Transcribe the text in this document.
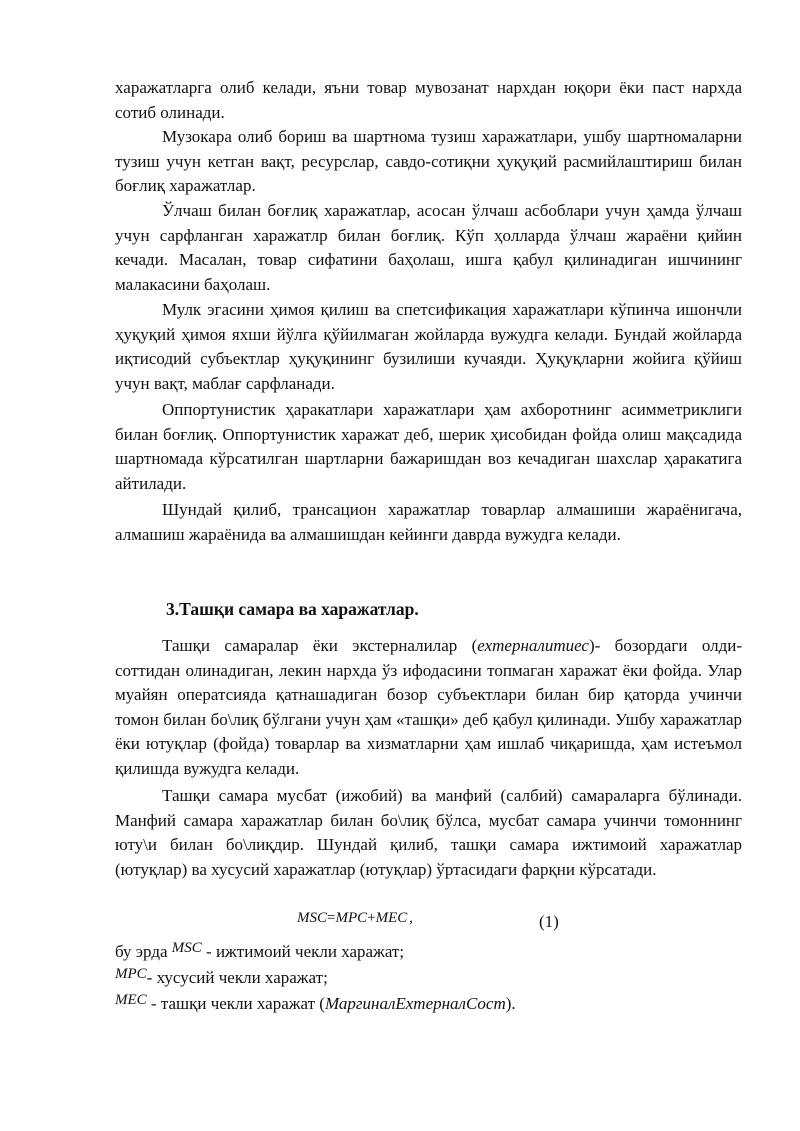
харажатларга олиб келади, яъни товар мувозанат нархдан юқори ёки паст нархда сотиб олинади.

Музокара олиб бориш ва шартнома тузиш харажатлари, ушбу шартномаларни тузиш учун кетган вақт, ресурслар, савдо-сотиқни ҳуқуқий расмийлаштириш билан боғлиқ харажатлар.

Ўлчаш билан боғлиқ харажатлар, асосан ўлчаш асбоблари учун ҳамда ўлчаш учун сарфланган харажатлр билан боғлиқ. Кўп ҳолларда ўлчаш жараёни қийин кечади. Масалан, товар сифатини баҳолаш, ишга қабул қилинадиган ишчининг малакасини баҳолаш.

Мулк эгасини ҳимоя қилиш ва спетсификация харажатлари кўпинча ишончли ҳуқуқий ҳимоя яхши йўлга қўйилмаган жойларда вужудга келади. Бундай жойларда иқтисодий субъектлар ҳуқуқининг бузилиши кучаяди. Ҳуқуқларни жойига қўйиш учун вақт, маблағ сарфланади.

Оппортунистик ҳаракатлари харажатлари ҳам ахборотнинг асимметриклиги билан боғлиқ. Оппортунистик харажат деб, шерик ҳисобидан фойда олиш мақсадида шартномада кўрсатилган шартларни бажаришдан воз кечадиган шахслар ҳаракатига айтилади.

Шундай қилиб, трансацион харажатлар товарлар алмашиши жараёнигача, алмашиш жараёнида ва алмашишдан кейинги даврда вужудга келади.

3.Ташқи самара ва харажатлар.

Ташқи самаралар ёки экстерналилар (ехтерналитиес)- бозордаги олди-соттидан олинадиган, лекин нархда ўз ифодасини топмаган харажат ёки фойда. Улар муайян оператсияда қатнашадиган бозор субъектлари билан бир қаторда учинчи томон билан бо\лиқ бўлгани учун ҳам «ташқи» деб қабул қилинади. Ушбу харажатлар ёки ютуқлар (фойда) товарлар ва хизматларни ҳам ишлаб чиқаришда, ҳам истеъмол қилишда вужудга келади.

Ташқи самара мусбат (ижобий) ва манфий (салбий) самараларга бўлинади. Манфий самара харажатлар билан бо\лиқ бўлса, мусбат самара учинчи томоннинг юту\и билан бо\лиқдир. Шундай қилиб, ташқи самара ижтимоий харажатлар (ютуқлар) ва хусусий харажатлар (ютуқлар) ўртасидаги фарқни кўрсатади.

MSC=MPC+MEC ,	(1)
бу эрда MSC - ижтимоий чекли харажат;
MPC- хусусий чекли харажат;
MEC - ташқи чекли харажат (МаргиналЕхтерналСост).
